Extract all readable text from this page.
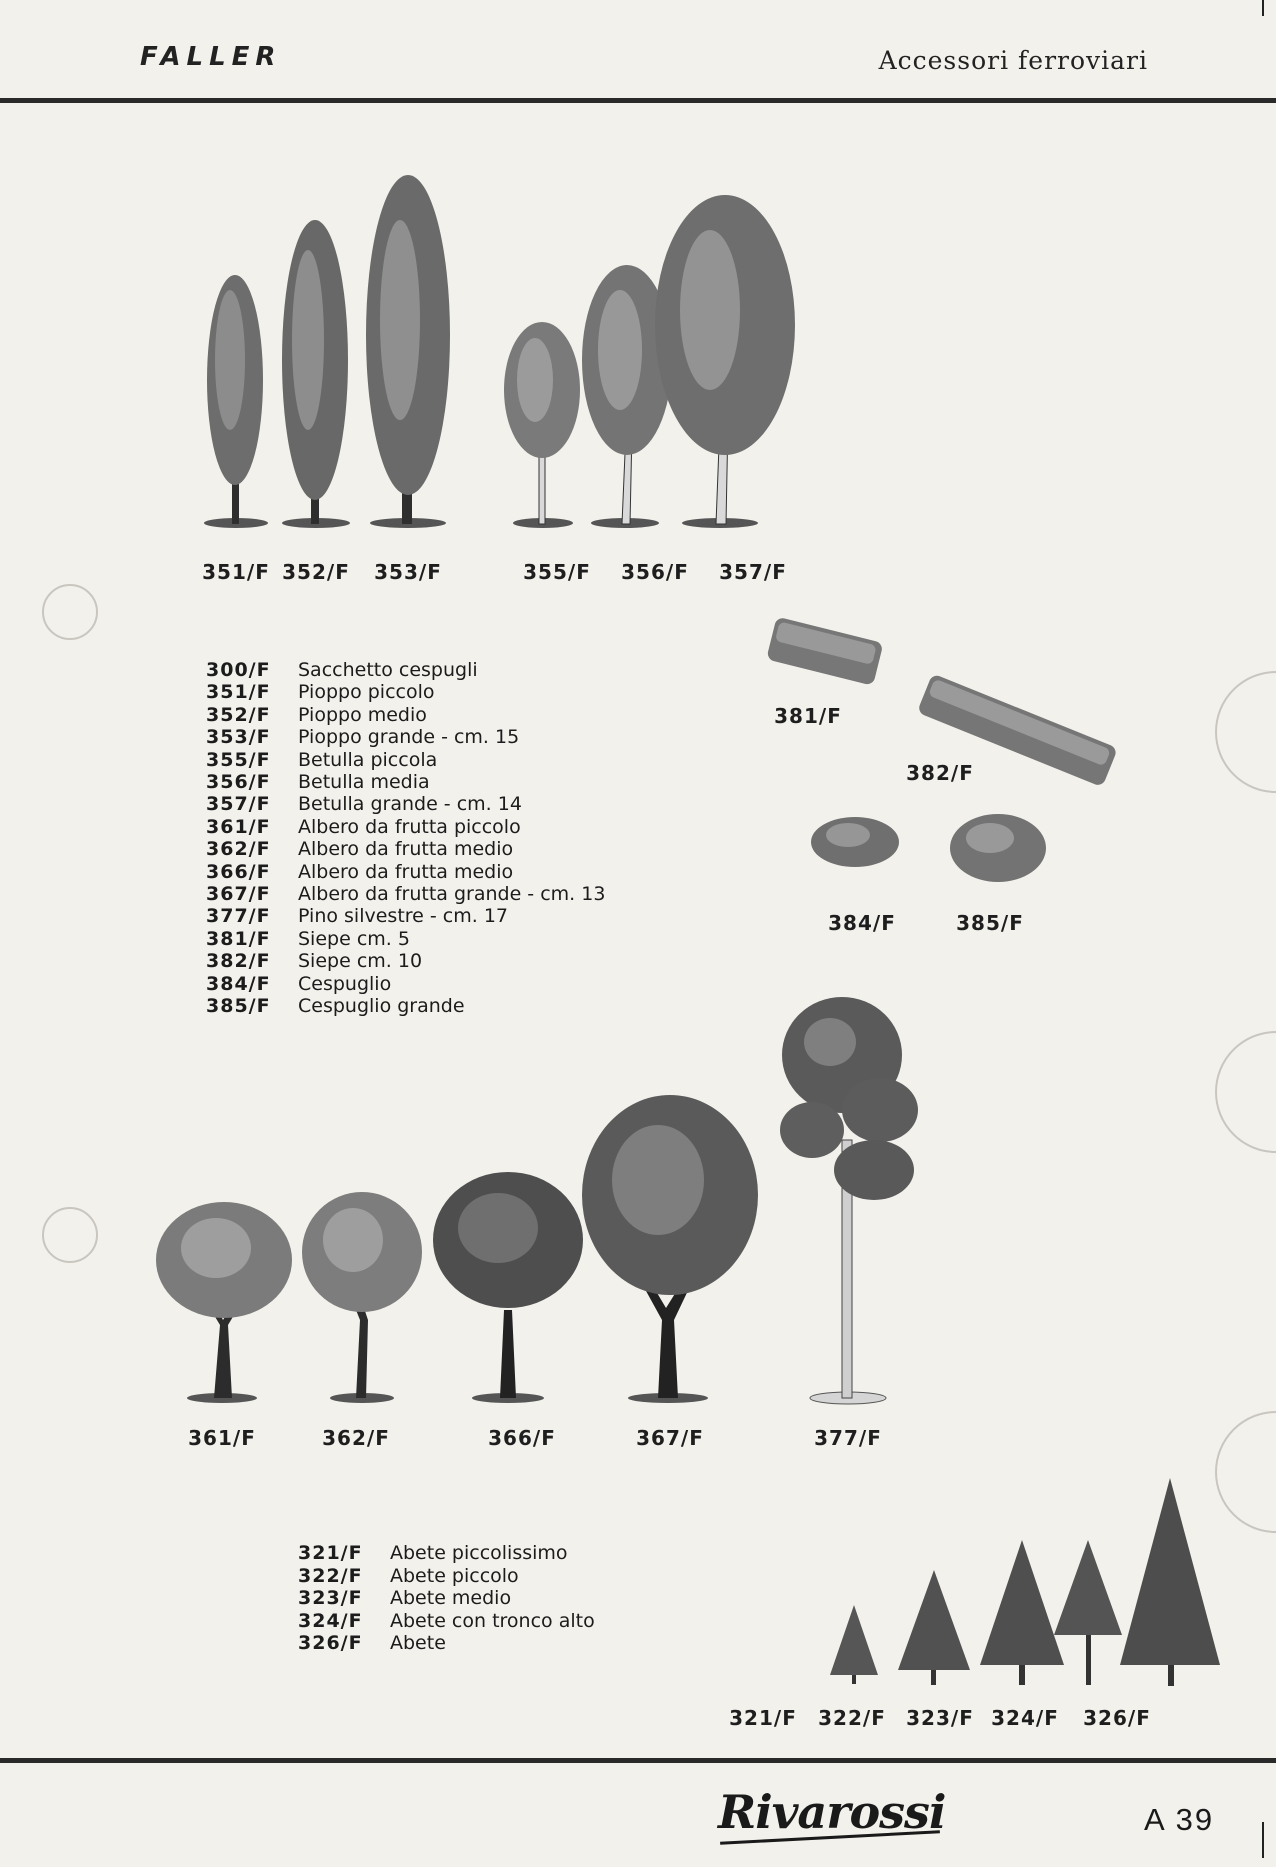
FALLER	Accessori ferroviari
351/F 352/F 353/F	355/F 356/F 357/F
300/F	Sacchetto cespugli
351/F	Pioppo piccolo
352/F	Pioppo medio
353/F	Pioppo grande - cm. 15
355/F	Betulla piccola
356/F	Betulla media
357/F	Betulla grande - cm. 14
361/F	Albero da frutta piccolo
362/F	Albero da frutta medio
366/F	Albero da frutta medio
367/F	Albero da frutta grande - cm. 13
377/F	Pino silvestre - cm. 17
381/F	Siepe cm. 5
382/F	Siepe cm. 10
384/F	Cespuglio
385/F	Cespuglio grande
381/F
382/F
384/F	385/F
361/F	362/F	366/F	367/F	377/F
321/F	Abete piccolissimo
322/F	Abete piccolo
323/F	Abete medio
324/F	Abete con tronco alto
326/F	Abete
321/F 322/F 323/F 324/F 326/F
Rivarossi	A 39
